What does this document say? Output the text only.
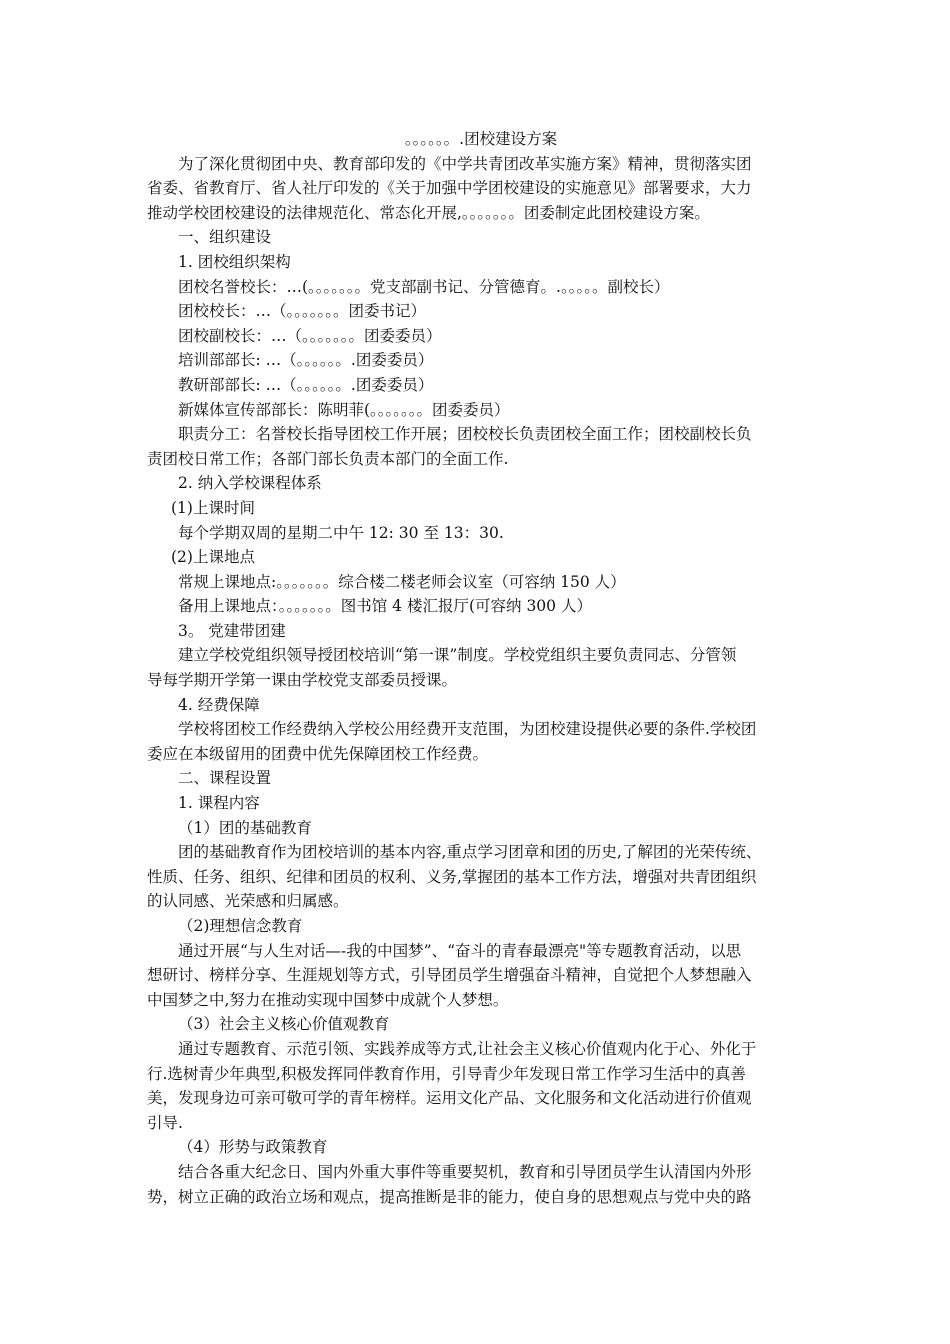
。。。。。。.团校建设方案
为了深化贯彻团中央、教育部印发的《中学共青团改革实施方案》精神，贯彻落实团
省委、省教育厅、省人社厅印发的《关于加强中学团校建设的实施意见》部署要求，大力
推动学校团校建设的法律规范化、常态化开展,。。。。。。。团委制定此团校建设方案。
一、组织建设
1. 团校组织架构
团校名誉校长：…(。。。。。。。党支部副书记、分管德育。.。。。。。副校长）
团校校长：…（。。。。。。。团委书记）
团校副校长：…（。。。。。。。团委委员）
培训部部长: …（。。。。。。.团委委员）
教研部部长: …（。。。。。。.团委委员）
新媒体宣传部部长：陈明菲(。。。。。。。团委委员）
职责分工：名誉校长指导团校工作开展；团校校长负责团校全面工作；团校副校长负
责团校日常工作；各部门部长负责本部门的全面工作.
2. 纳入学校课程体系
(1)上课时间
每个学期双周的星期二中午 12: 30 至 13：30.
(2)上课地点
常规上课地点:。。。。。。。综合楼二楼老师会议室（可容纳 150 人）
备用上课地点：。。。。。。。图书馆 4 楼汇报厅(可容纳 300 人）
3。 党建带团建
建立学校党组织领导授团校培训“第一课”制度。学校党组织主要负责同志、分管领
导每学期开学第一课由学校党支部委员授课。
4. 经费保障
学校将团校工作经费纳入学校公用经费开支范围，为团校建设提供必要的条件.学校团
委应在本级留用的团费中优先保障团校工作经费。
二、课程设置
1. 课程内容
（1）团的基础教育
团的基础教育作为团校培训的基本内容,重点学习团章和团的历史,了解团的光荣传统、
性质、任务、组织、纪律和团员的权利、义务,掌握团的基本工作方法，增强对共青团组织
的认同感、光荣感和归属感。
（2)理想信念教育
通过开展“与人生对话—-我的中国梦”、“奋斗的青春最漂亮"等专题教育活动，以思
想研讨、榜样分享、生涯规划等方式，引导团员学生增强奋斗精神，自觉把个人梦想融入
中国梦之中,努力在推动实现中国梦中成就个人梦想。
（3）社会主义核心价值观教育
通过专题教育、示范引领、实践养成等方式,让社会主义核心价值观内化于心、外化于
行.选树青少年典型,积极发挥同伴教育作用，引导青少年发现日常工作学习生活中的真善
美，发现身边可亲可敬可学的青年榜样。运用文化产品、文化服务和文化活动进行价值观
引导.
（4）形势与政策教育
结合各重大纪念日、国内外重大事件等重要契机，教育和引导团员学生认清国内外形
势，树立正确的政治立场和观点，提高推断是非的能力，使自身的思想观点与党中央的路
